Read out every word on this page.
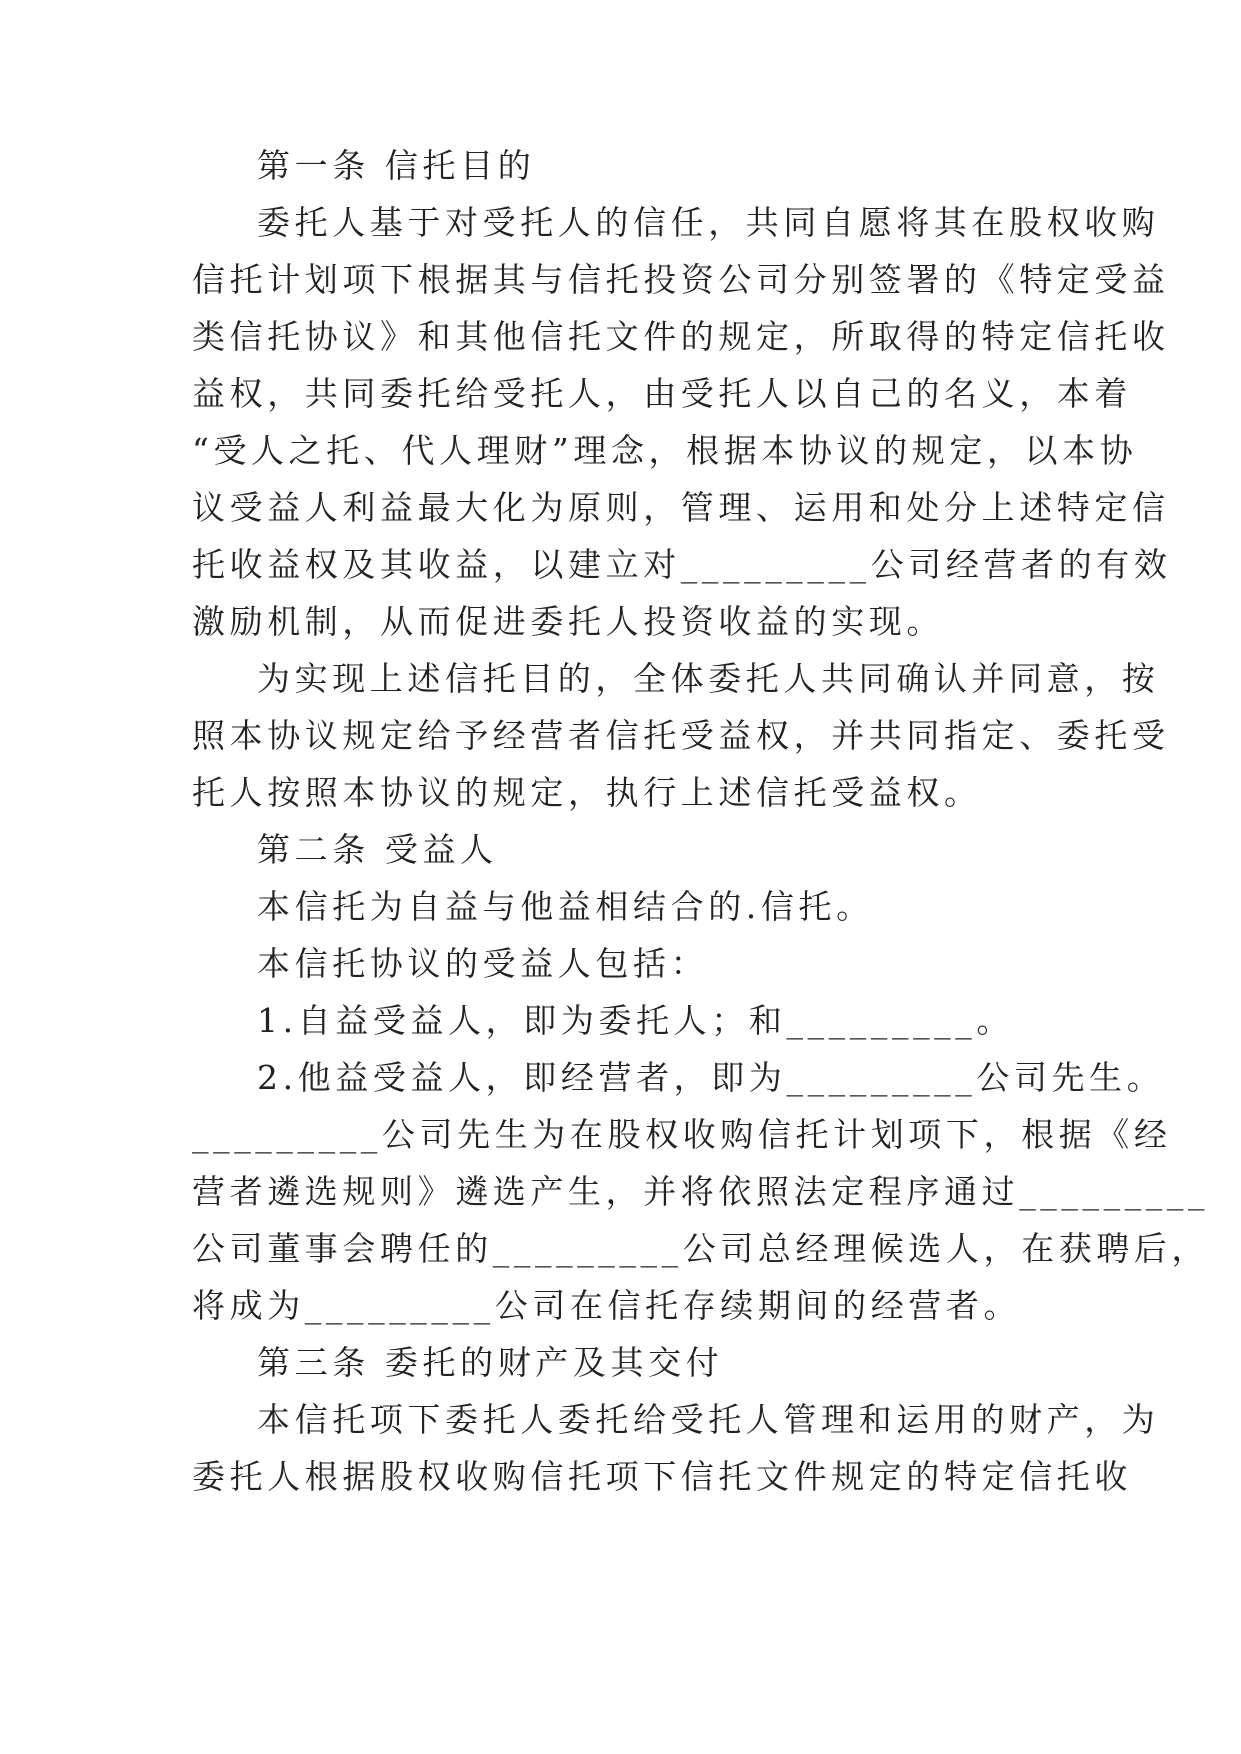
第一条 信托目的
委托人基于对受托人的信任，共同自愿将其在股权收购
信托计划项下根据其与信托投资公司分别签署的《特定受益
类信托协议》和其他信托文件的规定，所取得的特定信托收
益权，共同委托给受托人，由受托人以自己的名义，本着
“受人之托、代人理财”理念，根据本协议的规定，以本协
议受益人利益最大化为原则，管理、运用和处分上述特定信
托收益权及其收益，以建立对_________公司经营者的有效
激励机制，从而促进委托人投资收益的实现。
为实现上述信托目的，全体委托人共同确认并同意，按
照本协议规定给予经营者信托受益权，并共同指定、委托受
托人按照本协议的规定，执行上述信托受益权。
第二条 受益人
本信托为自益与他益相结合的.信托。
本信托协议的受益人包括：
1.自益受益人，即为委托人；和_________。
2.他益受益人，即经营者，即为_________公司先生。
_________公司先生为在股权收购信托计划项下，根据《经
营者遴选规则》遴选产生，并将依照法定程序通过_________
公司董事会聘任的_________公司总经理候选人，在获聘后，
将成为_________公司在信托存续期间的经营者。
第三条 委托的财产及其交付
本信托项下委托人委托给受托人管理和运用的财产，为
委托人根据股权收购信托项下信托文件规定的特定信托收
